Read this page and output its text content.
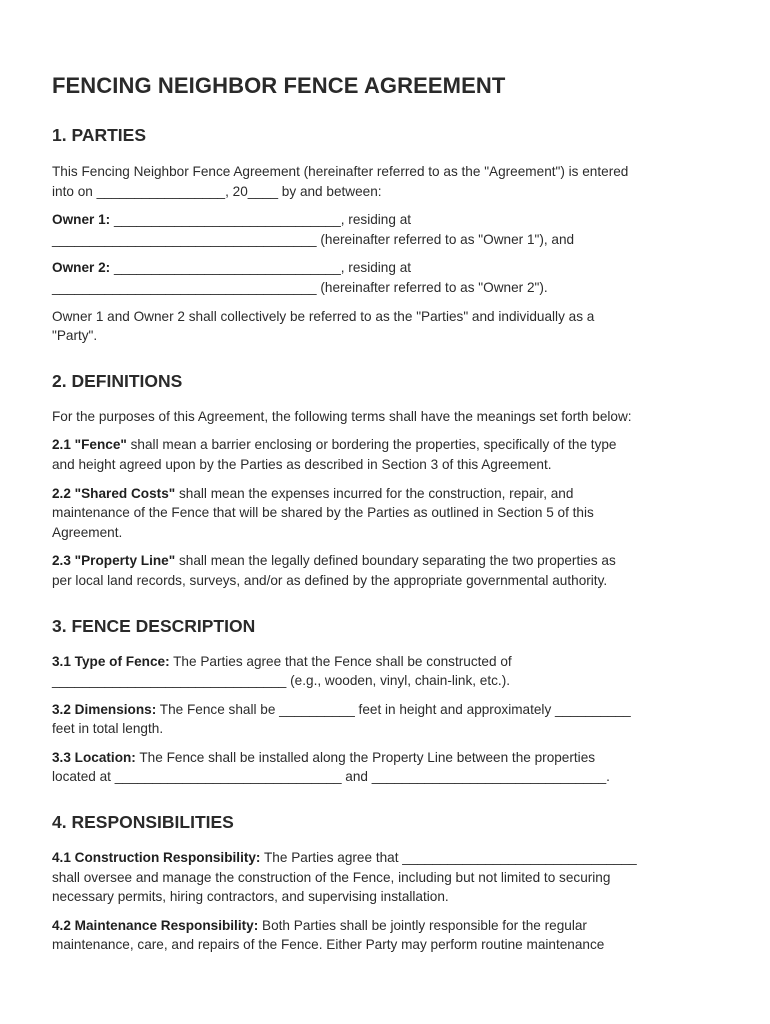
FENCING NEIGHBOR FENCE AGREEMENT
1. PARTIES

This Fencing Neighbor Fence Agreement (hereinafter referred to as the "Agreement") is entered
into on _________________, 20____ by and between:

Owner 1: ______________________________, residing at
___________________________________ (hereinafter referred to as "Owner 1"), and

Owner 2: ______________________________, residing at
___________________________________ (hereinafter referred to as "Owner 2").

Owner 1 and Owner 2 shall collectively be referred to as the "Parties" and individually as a
"Party".

2. DEFINITIONS

For the purposes of this Agreement, the following terms shall have the meanings set forth below:

2.1 "Fence" shall mean a barrier enclosing or bordering the properties, specifically of the type
and height agreed upon by the Parties as described in Section 3 of this Agreement.

2.2 "Shared Costs" shall mean the expenses incurred for the construction, repair, and
maintenance of the Fence that will be shared by the Parties as outlined in Section 5 of this
Agreement.

2.3 "Property Line" shall mean the legally defined boundary separating the two properties as
per local land records, surveys, and/or as defined by the appropriate governmental authority.

3. FENCE DESCRIPTION

3.1 Type of Fence: The Parties agree that the Fence shall be constructed of
_______________________________ (e.g., wooden, vinyl, chain-link, etc.).

3.2 Dimensions: The Fence shall be __________ feet in height and approximately __________
feet in total length.

3.3 Location: The Fence shall be installed along the Property Line between the properties
located at ______________________________ and _______________________________.

4. RESPONSIBILITIES

4.1 Construction Responsibility: The Parties agree that _______________________________
shall oversee and manage the construction of the Fence, including but not limited to securing
necessary permits, hiring contractors, and supervising installation.

4.2 Maintenance Responsibility: Both Parties shall be jointly responsible for the regular
maintenance, care, and repairs of the Fence. Either Party may perform routine maintenance
